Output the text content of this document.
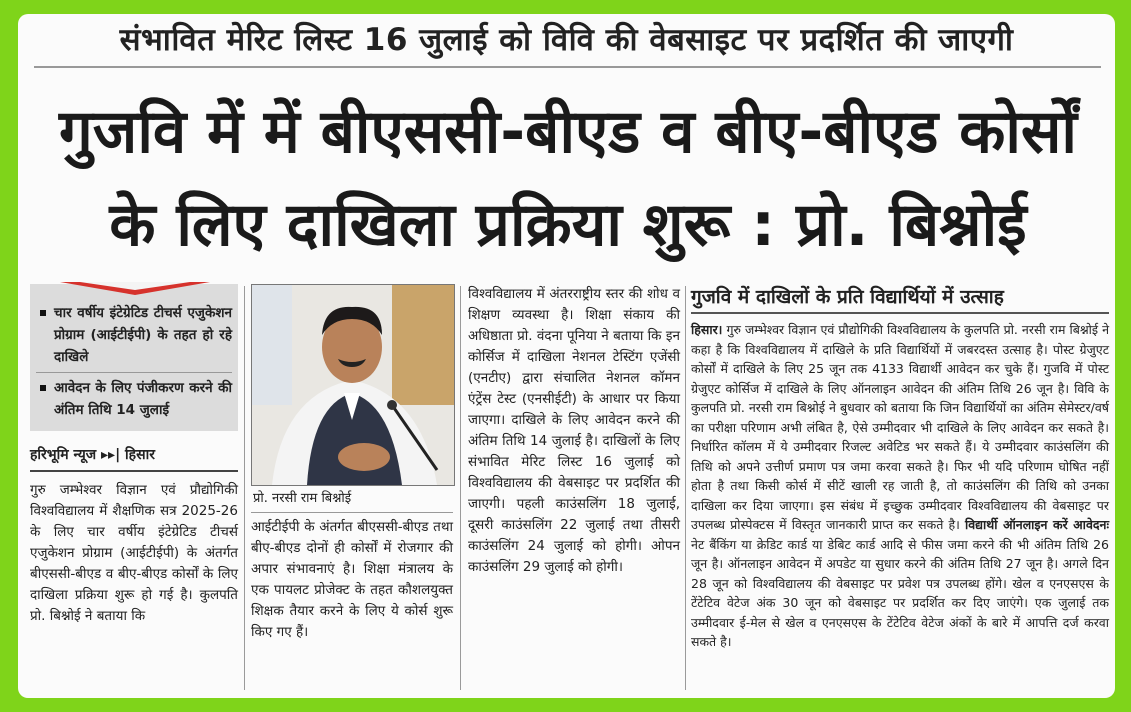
संभावित मेरिट लिस्ट 16 जुलाई को विवि की वेबसाइट पर प्रदर्शित की जाएगी
गुजवि में में बीएससी-बीएड व बीए-बीएड कोर्सों
के लिए दाखिला प्रक्रिया शुरू : प्रो. बिश्नोई
चार वर्षीय इंटेग्रेटिड टीचर्स एजुकेशन प्रोग्राम (आईटीईपी) के तहत हो रहे दाखिले
आवेदन के लिए पंजीकरण करने की अंतिम तिथि 14 जुलाई
हरिभूमि न्यूज ▸▸| हिसार
गुरु जम्भेश्वर विज्ञान एवं प्रौद्योगिकी विश्वविद्यालय में शैक्षणिक सत्र 2025-26 के लिए चार वर्षीय इंटेग्रेटिड टीचर्स एजुकेशन प्रोग्राम (आईटीईपी) के अंतर्गत बीएससी-बीएड व बीए-बीएड कोर्सों के लिए दाखिला प्रक्रिया शुरू हो गई है। कुलपति प्रो. बिश्नोई ने बताया कि
प्रो. नरसी राम बिश्नोई
आईटीईपी के अंतर्गत बीएससी-बीएड तथा बीए-बीएड दोनों ही कोर्सों में रोजगार की अपार संभावनाएं है। शिक्षा मंत्रालय के एक पायलट प्रोजेक्ट के तहत कौशलयुक्त शिक्षक तैयार करने के लिए ये कोर्स शुरू किए गए हैं।
विश्वविद्यालय में अंतरराष्ट्रीय स्तर की शोध व शिक्षण व्यवस्था है। शिक्षा संकाय की अधिष्ठाता प्रो. वंदना पूनिया ने बताया कि इन कोर्सिज में दाखिला नेशनल टेस्टिंग एजेंसी (एनटीए) द्वारा संचालित नेशनल कॉमन एंट्रेंस टेस्ट (एनसीईटी) के आधार पर किया जाएगा। दाखिले के लिए आवेदन करने की अंतिम तिथि 14 जुलाई है। दाखिलों के लिए संभावित मेरिट लिस्ट 16 जुलाई को विश्वविद्यालय की वेबसाइट पर प्रदर्शित की जाएगी। पहली काउंसलिंग 18 जुलाई, दूसरी काउंसलिंग 22 जुलाई तथा तीसरी काउंसलिंग 24 जुलाई को होगी। ओपन काउंसलिंग 29 जुलाई को होगी।
गुजवि में दाखिलों के प्रति विद्यार्थियों में उत्साह
हिसार। गुरु जम्भेश्वर विज्ञान एवं प्रौद्योगिकी विश्वविद्यालय के कुलपति प्रो. नरसी राम बिश्नोई ने कहा है कि विश्वविद्यालय में दाखिले के प्रति विद्यार्थियों में जबरदस्त उत्साह है। पोस्ट ग्रेजुएट कोर्सों में दाखिले के लिए 25 जून तक 4133 विद्यार्थी आवेदन कर चुके हैं। गुजवि में पोस्ट ग्रेजुएट कोर्सिज में दाखिले के लिए ऑनलाइन आवेदन की अंतिम तिथि 26 जून है। विवि के कुलपति प्रो. नरसी राम बिश्नोई ने बुधवार को बताया कि जिन विद्यार्थियों का अंतिम सेमेस्टर/वर्ष का परीक्षा परिणाम अभी लंबित है, ऐसे उम्मीदवार भी दाखिले के लिए आवेदन कर सकते है। निर्धारित कॉलम में ये उम्मीदवार रिजल्ट अवेटिड भर सकते हैं। ये उम्मीदवार काउंसलिंग की तिथि को अपने उत्तीर्ण प्रमाण पत्र जमा करवा सकते है। फिर भी यदि परिणाम घोषित नहीं होता है तथा किसी कोर्स में सीटें खाली रह जाती है, तो काउंसलिंग की तिथि को उनका दाखिला कर दिया जाएगा। इस संबंध में इच्छुक उम्मीदवार विश्वविद्यालय की वेबसाइट पर उपलब्ध प्रोस्पेक्टस में विस्तृत जानकारी प्राप्त कर सकते है। विद्यार्थी ऑनलाइन करें आवेदनः नेट बैंकिंग या क्रेडिट कार्ड या डेबिट कार्ड आदि से फीस जमा करने की भी अंतिम तिथि 26 जून है। ऑनलाइन आवेदन में अपडेट या सुधार करने की अंतिम तिथि 27 जून है। अगले दिन 28 जून को विश्वविद्यालय की वेबसाइट पर प्रवेश पत्र उपलब्ध होंगे। खेल व एनएसएस के टेंटेटिव वेटेज अंक 30 जून को वेबसाइट पर प्रदर्शित कर दिए जाएंगे। एक जुलाई तक उम्मीदवार ई-मेल से खेल व एनएसएस के टेंटेटिव वेटेज अंकों के बारे में आपत्ति दर्ज करवा सकते है।
